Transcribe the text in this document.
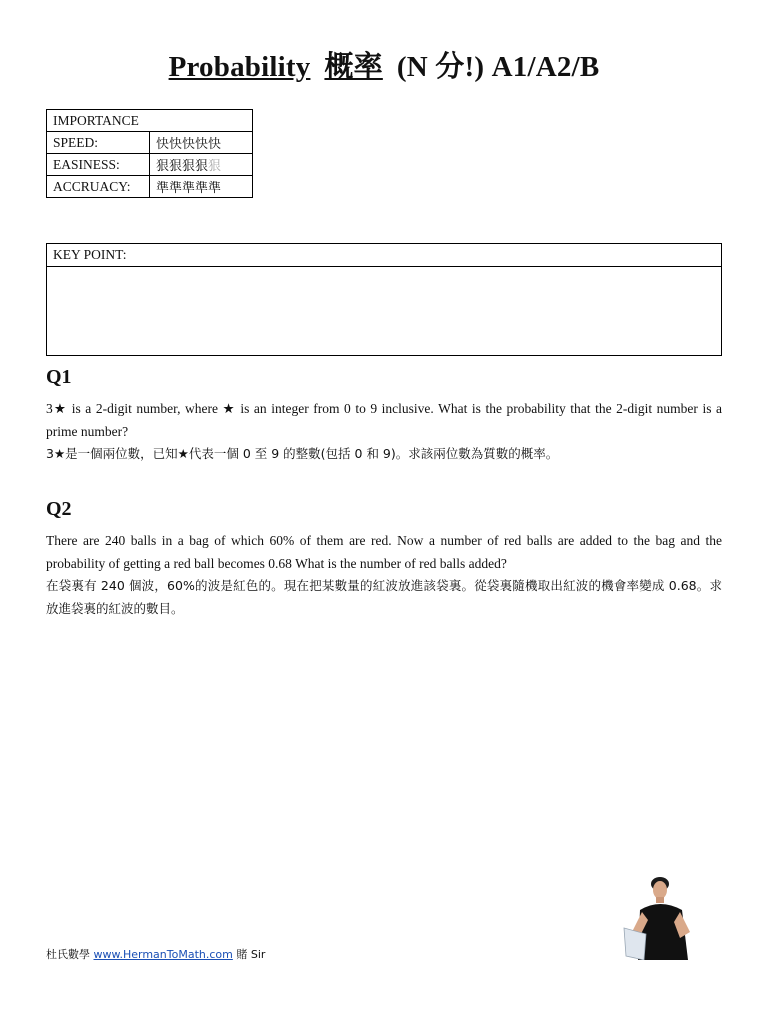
Probability 概率 (N 分!) A1/A2/B
IMPORTANCE	
SPEED:	快快快快快
EASINESS:	狠狠狠狠狠
ACCRUACY:	準準準準準
KEY POINT:
Q1
3★ is a 2-digit number, where ★ is an integer from 0 to 9 inclusive. What is the probability that the 2-digit number is a prime number?
3★是一個兩位數，已知★代表一個 0 至 9 的整數(包括 0 和 9)。求該兩位數為質數的概率。
Q2
There are 240 balls in a bag of which 60% of them are red. Now a number of red balls are added to the bag and the probability of getting a red ball becomes 0.68 What is the number of red balls added?
在袋裏有 240 個波，60%的波是紅色的。現在把某數量的紅波放進該袋裏。從袋裏隨機取出紅波的機會率變成 0.68。求放進袋裏的紅波的數目。
杜氏數學 www.HermanToMath.com 賭 Sir
